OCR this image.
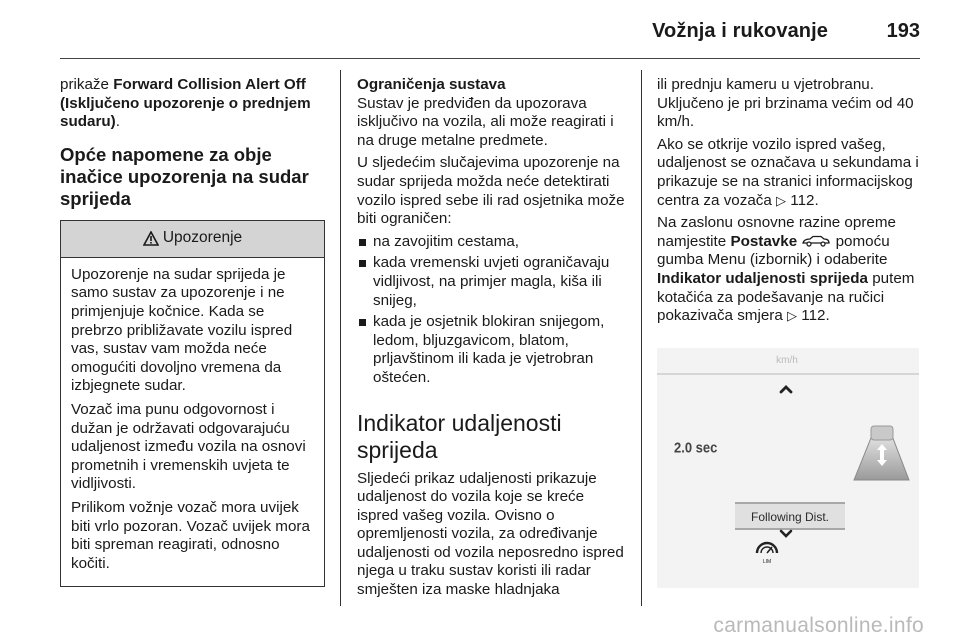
Vožnja i rukovanje	193

prikaže Forward Collision Alert Off (Isključeno upozorenje o prednjem sudaru).

Opće napomene za obje inačice upozorenja na sudar sprijeda
Upozorenje

Upozorenje na sudar sprijeda je samo sustav za upozorenje i ne primjenjuje kočnice. Kada se prebrzo približavate vozilu ispred vas, sustav vam možda neće omogućiti dovoljno vremena da izbjegnete sudar.

Vozač ima punu odgovornost i dužan je održavati odgovarajuću udaljenost između vozila na osnovi prometnih i vremenskih uvjeta te vidljivosti.

Prilikom vožnje vozač mora uvijek biti vrlo pozoran. Vozač uvijek mora biti spreman reagirati, odnosno kočiti.

Ograničenja sustava

Sustav je predviđen da upozorava isključivo na vozila, ali može reagirati i na druge metalne predmete.

U sljedećim slučajevima upozorenje na sudar sprijeda možda neće detektirati vozilo ispred sebe ili rad osjetnika može biti ograničen:

na zavojitim cestama,
kada vremenski uvjeti ograničavaju vidljivost, na primjer magla, kiša ili snijeg,
kada je osjetnik blokiran snijegom, ledom, bljuzgavicom, blatom, prljavštinom ili kada je vjetrobran oštećen.
Indikator udaljenosti sprijeda

Sljedeći prikaz udaljenosti prikazuje udaljenost do vozila koje se kreće ispred vašeg vozila. Ovisno o opremljenosti vozila, za određivanje udaljenosti od vozila neposredno ispred njega u traku sustav koristi ili radar smješten iza maske hladnjaka

ili prednju kameru u vjetrobranu. Uključeno je pri brzinama većim od 40 km/h.

Ako se otkrije vozilo ispred vašeg, udaljenost se označava u sekundama i prikazuje se na stranici informacijskog centra za vozača ▷ 112.

Na zaslonu osnovne razine opreme namjestite Postavke  pomoću gumba Menu (izbornik) i odaberite Indikator udaljenosti sprijeda putem kotačića za podešavanje na ručici pokazivača smjera ▷ 112.

km/h
2.0 sec
Following Dist.
LIM
carmanualsonline.info
